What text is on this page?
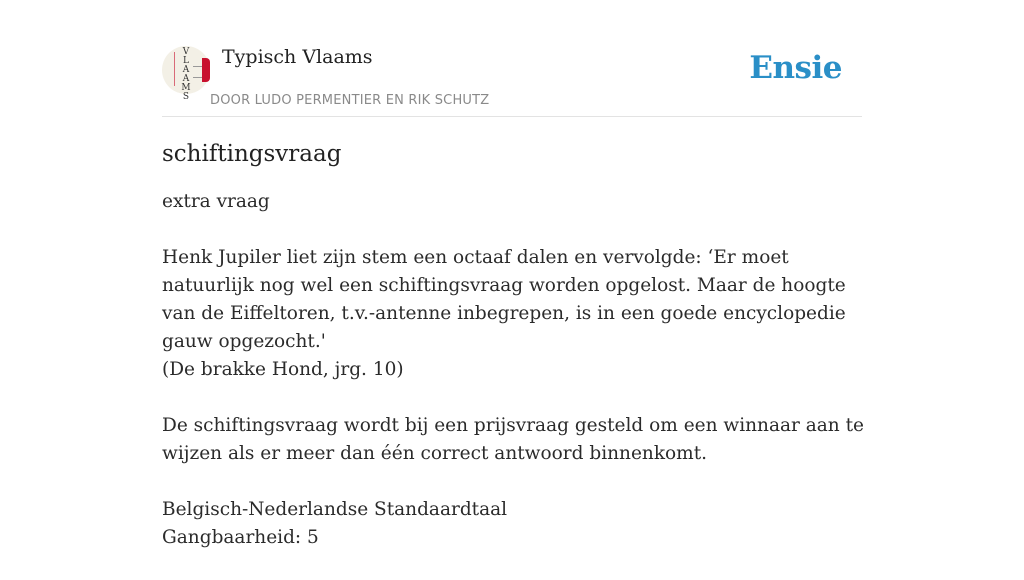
V
L
A
A
M
S
Typisch Vlaams
DOOR LUDO PERMENTIER EN RIK SCHUTZ
Ensie
schiftingsvraag

extra vraag

Henk Jupiler liet zijn stem een octaaf dalen en vervolgde: ‘Er moet natuurlijk nog wel een schiftingsvraag worden opgelost. Maar de hoogte van de Eiffeltoren, t.v.-antenne inbegrepen, is in een goede encyclopedie gauw opgezocht.'
(De brakke Hond, jrg. 10)

De schiftingsvraag wordt bij een prijsvraag gesteld om een winnaar aan te wijzen als er meer dan één correct antwoord binnenkomt.

Belgisch-Nederlandse Standaardtaal
Gangbaarheid: 5
